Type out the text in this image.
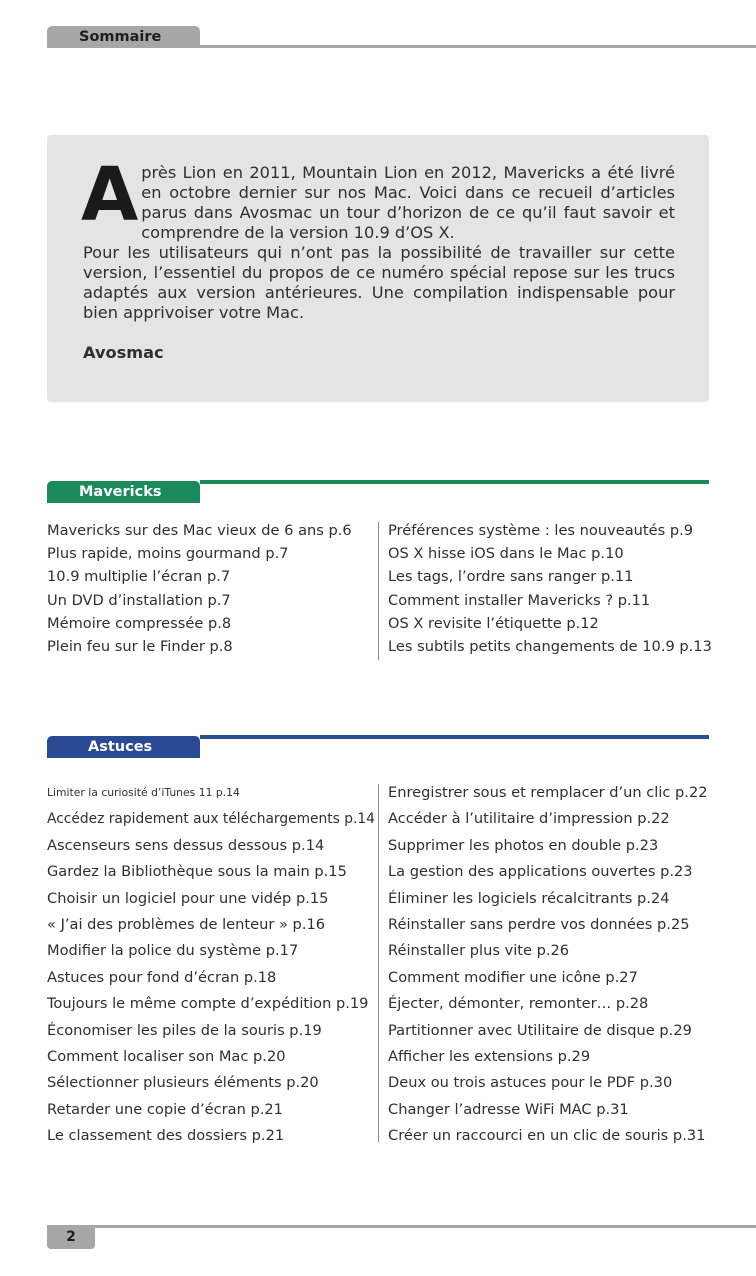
Sommaire
A près Lion en 2011, Mountain Lion en 2012, Mavericks a été livré en octobre dernier sur nos Mac. Voici dans ce recueil d’articles parus dans Avosmac un tour d’horizon de ce qu’il faut savoir et comprendre de la version 10.9 d’OS X.

Pour les utilisateurs qui n’ont pas la possibilité de travailler sur cette version, l’essentiel du propos de ce numéro spécial repose sur les trucs adaptés aux version antérieures. Une compilation indispensable pour bien apprivoiser votre Mac.

Avosmac
Mavericks
Mavericks sur des Mac vieux de 6 ans p.6
Plus rapide, moins gourmand p.7
10.9 multiplie l’écran p.7
Un DVD d’installation p.7
Mémoire compressée p.8
Plein feu sur le Finder p.8
Préférences système : les nouveautés p.9
OS X hisse iOS dans le Mac p.10
Les tags, l’ordre sans ranger p.11
Comment installer Mavericks ? p.11
OS X revisite l’étiquette p.12
Les subtils petits changements de 10.9 p.13
Astuces
Limiter la curiosité d’iTunes 11 p.14
Accédez rapidement aux téléchargements p.14
Ascenseurs sens dessus dessous p.14
Gardez la Bibliothèque sous la main p.15
Choisir un logiciel pour une vidép p.15
« J’ai des problèmes de lenteur » p.16
Modifier la police du système p.17
Astuces pour fond d’écran p.18
Toujours le même compte d’expédition p.19
Économiser les piles de la souris p.19
Comment localiser son Mac p.20
Sélectionner plusieurs éléments p.20
Retarder une copie d’écran p.21
Le classement des dossiers p.21
Enregistrer sous et remplacer d’un clic p.22
Accéder à l’utilitaire d’impression p.22
Supprimer les photos en double p.23
La gestion des applications ouvertes p.23
Éliminer les logiciels récalcitrants p.24
Réinstaller sans perdre vos données p.25
Réinstaller plus vite p.26
Comment modifier une icône p.27
Éjecter, démonter, remonter… p.28
Partitionner avec Utilitaire de disque p.29
Afficher les extensions p.29
Deux ou trois astuces pour le PDF p.30
Changer l’adresse WiFi MAC p.31
Créer un raccourci en un clic de souris p.31
2
